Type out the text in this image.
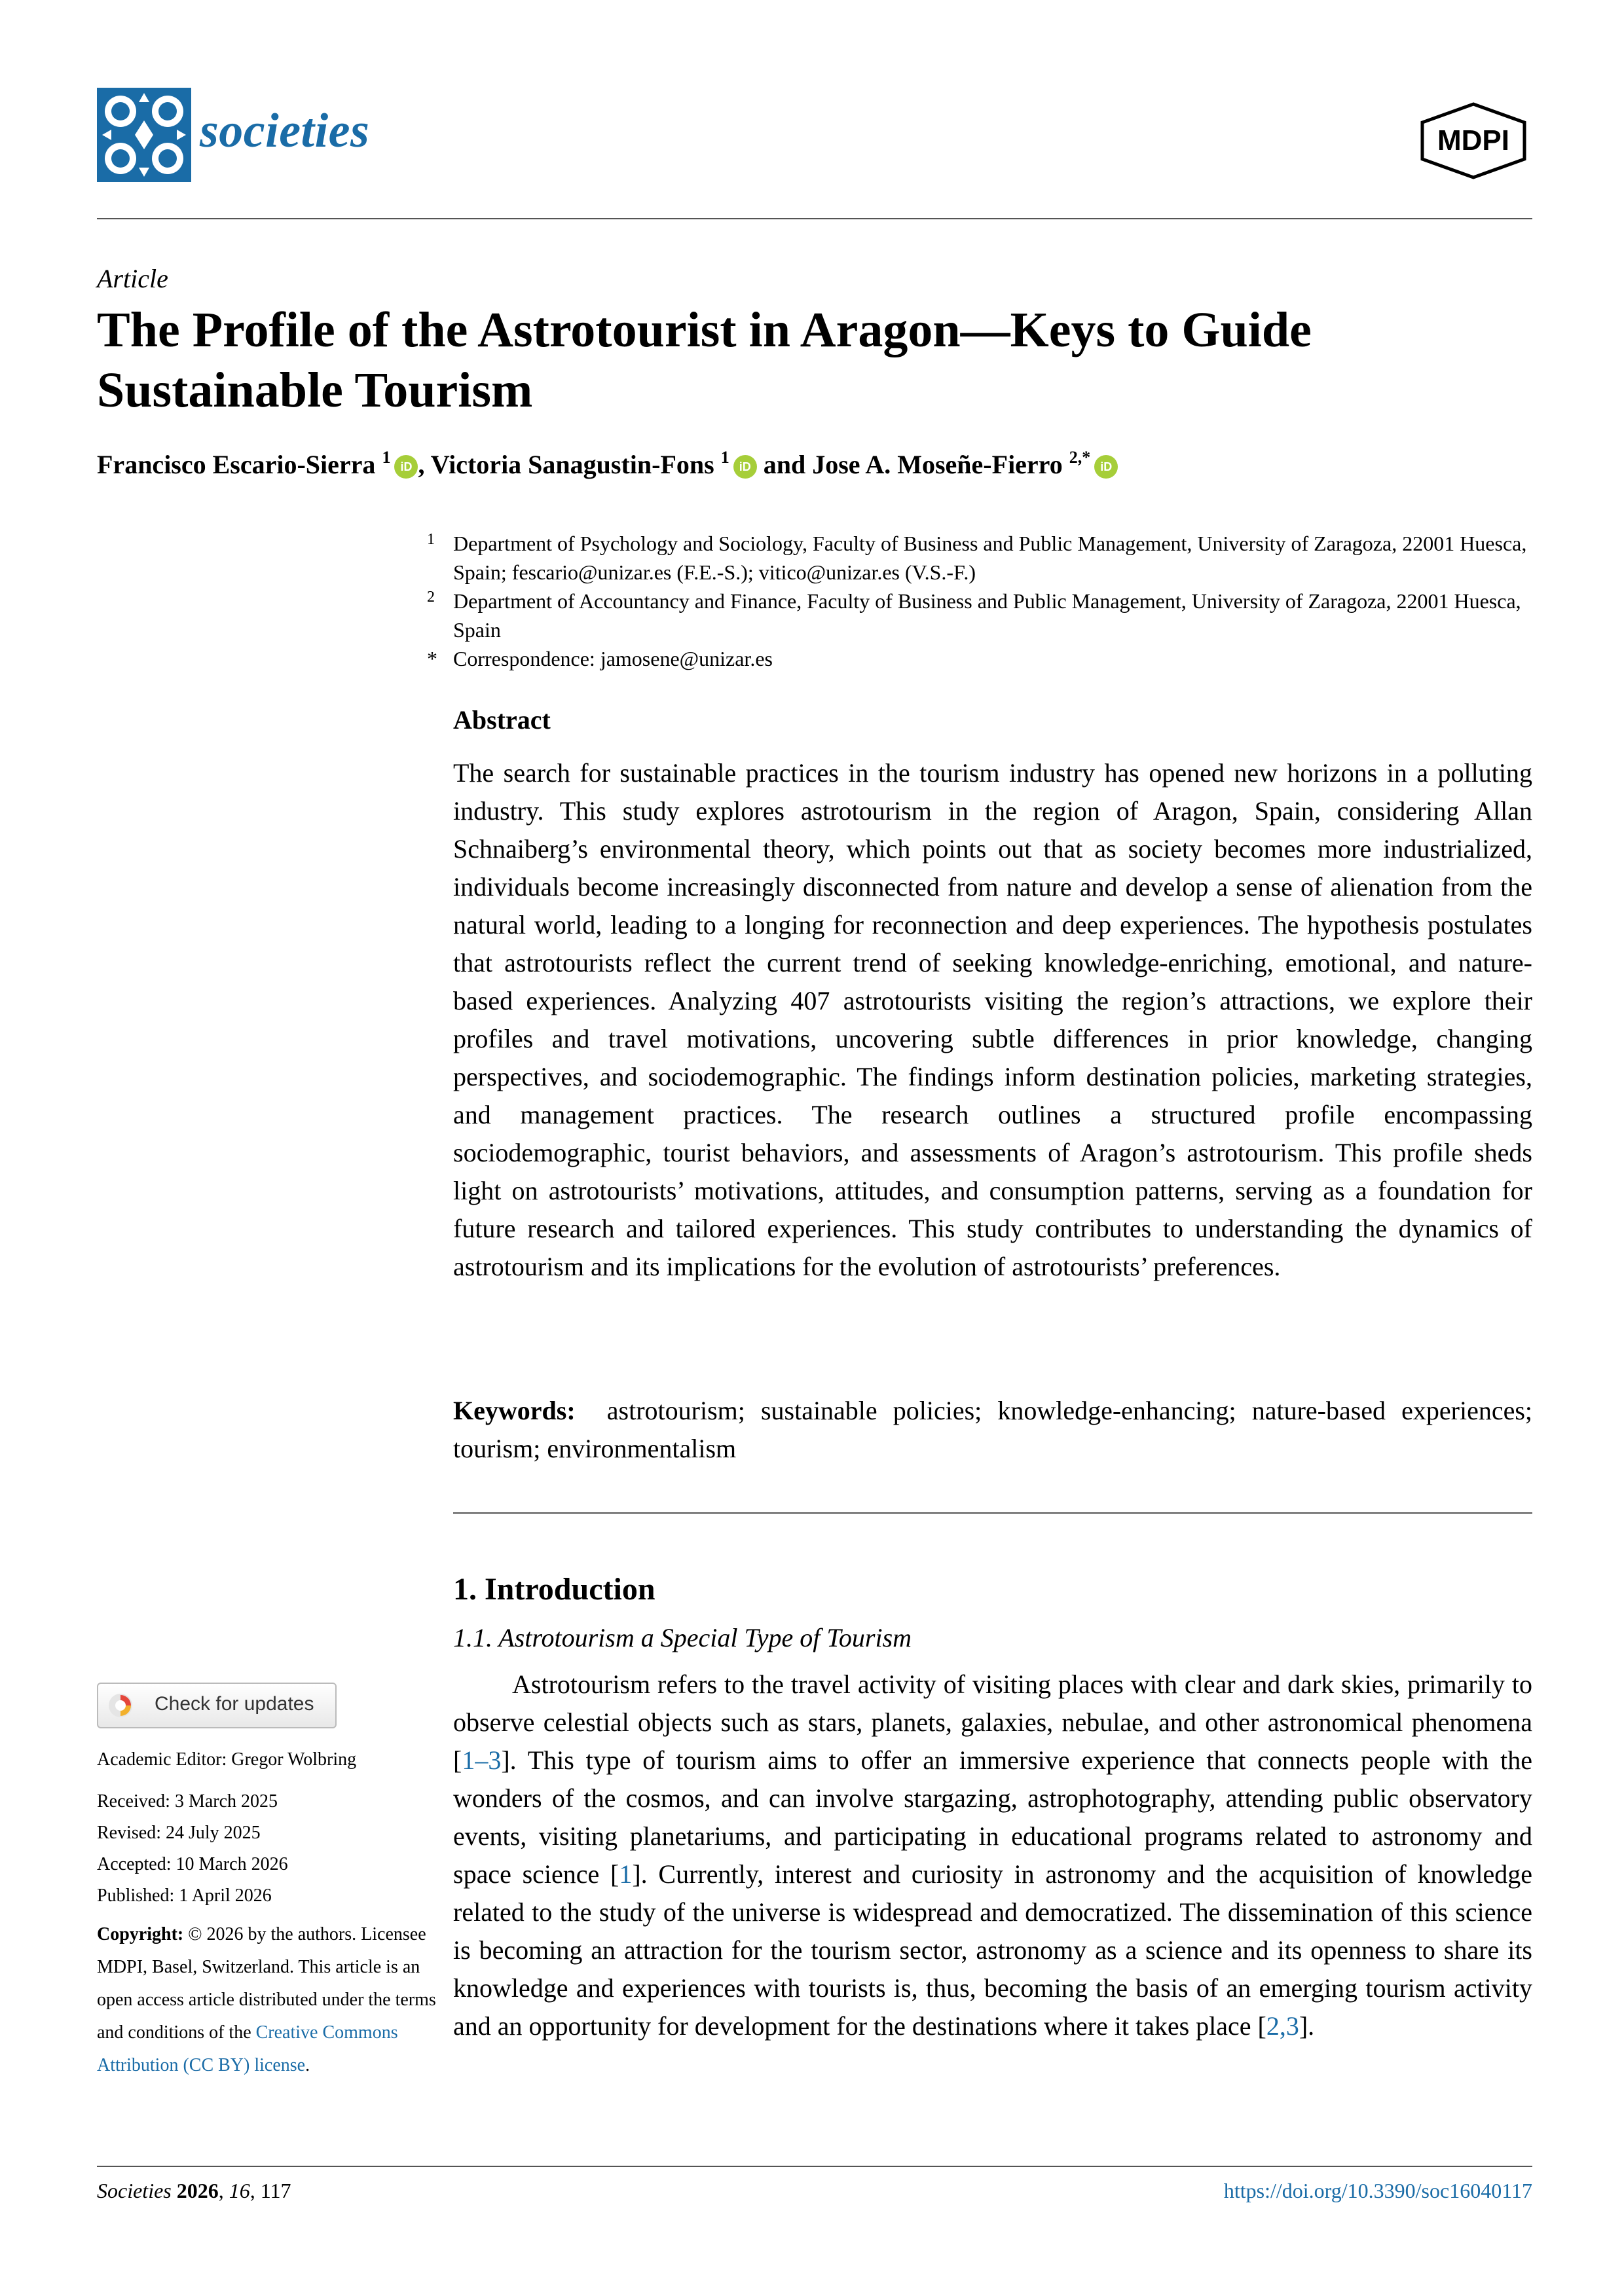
societies	MDPI
Article
The Profile of the Astrotourist in Aragon—Keys to Guide Sustainable Tourism
Francisco Escario-Sierra $^1$ iD , Victoria Sanagustin-Fons $^1$ iD and Jose A. Moseñe-Fierro $^{2,*}$ iD
1 Department of Psychology and Sociology, Faculty of Business and Public Management, University of Zaragoza, 22001 Huesca, Spain; fescario@unizar.es (F.E.-S.); vitico@unizar.es (V.S.-F.)
2 Department of Accountancy and Finance, Faculty of Business and Public Management, University of Zaragoza, 22001 Huesca, Spain
* Correspondence: jamosene@unizar.es
Abstract

The search for sustainable practices in the tourism industry has opened new horizons in a polluting industry. This study explores astrotourism in the region of Aragon, Spain, considering Allan Schnaiberg’s environmental theory, which points out that as society becomes more industrialized, individuals become increasingly disconnected from nature and develop a sense of alienation from the natural world, leading to a longing for reconnection and deep experiences. The hypothesis postulates that astrotourists reflect the current trend of seeking knowledge-enriching, emotional, and nature-based experiences. Analyzing 407 astrotourists visiting the region’s attractions, we explore their profiles and travel motivations, uncovering subtle differences in prior knowledge, changing perspectives, and sociodemographic. The findings inform destination policies, marketing strategies, and management practices. The research outlines a structured profile encompassing sociodemographic, tourist behaviors, and assessments of Aragon’s astrotourism. This profile sheds light on astrotourists’ motivations, attitudes, and consumption patterns, serving as a foundation for future research and tailored experiences. This study contributes to understanding the dynamics of astrotourism and its implications for the evolution of astrotourists’ preferences.

Keywords: astrotourism; sustainable policies; knowledge-enhancing; nature-based experiences; tourism; environmentalism

1. Introduction
1.1. Astrotourism a Special Type of Tourism

Astrotourism refers to the travel activity of visiting places with clear and dark skies, primarily to observe celestial objects such as stars, planets, galaxies, nebulae, and other astronomical phenomena [1–3]. This type of tourism aims to offer an immersive experience that connects people with the wonders of the cosmos, and can involve stargazing, astrophotography, attending public observatory events, visiting planetariums, and participating in educational programs related to astronomy and space science [1]. Currently, interest and curiosity in astronomy and the acquisition of knowledge related to the study of the universe is widespread and democratized. The dissemination of this science is becoming an attraction for the tourism sector, astronomy as a science and its openness to share its knowledge and experiences with tourists is, thus, becoming the basis of an emerging tourism activity and an opportunity for development for the destinations where it takes place [2,3].

Check for updates
Academic Editor: Gregor Wolbring
Received: 3 March 2025
Revised: 24 July 2025
Accepted: 10 March 2026
Published: 1 April 2026
Copyright: © 2026 by the authors. Licensee MDPI, Basel, Switzerland. This article is an open access article distributed under the terms and conditions of the Creative Commons Attribution (CC BY) license.
Societies 2026, 16, 117	https://doi.org/10.3390/soc16040117
